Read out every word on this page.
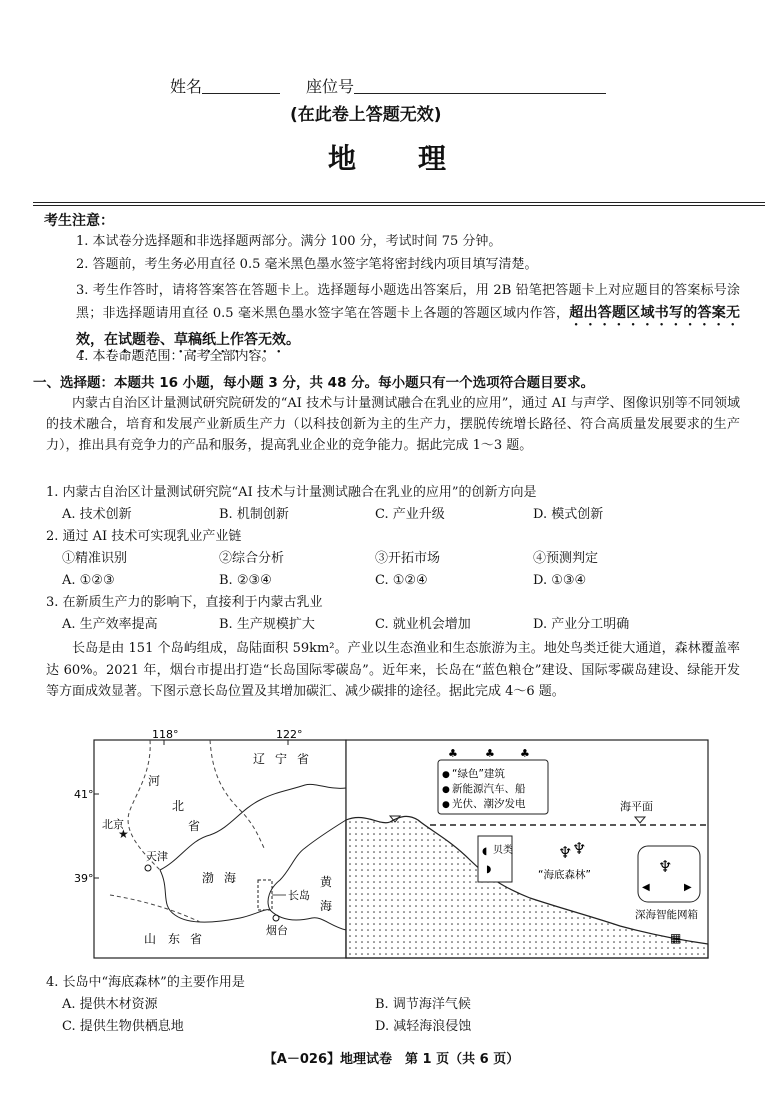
姓名	座位号
(在此卷上答题无效)
地　　理
考生注意：
1. 本试卷分选择题和非选择题两部分。满分 100 分，考试时间 75 分钟。
2. 答题前，考生务必用直径 0.5 毫米黑色墨水签字笔将密封线内项目填写清楚。
3. 考生作答时，请将答案答在答题卡上。选择题每小题选出答案后，用 2B 铅笔把答题卡上对应题目的答案标号涂黑；非选择题请用直径 0.5 毫米黑色墨水签字笔在答题卡上各题的答题区域内作答，超出答题区域书写的答案无效，在试题卷、草稿纸上作答无效。
4. 本卷命题范围：高考全部内容。
一、选择题：本题共 16 小题，每小题 3 分，共 48 分。每小题只有一个选项符合题目要求。
内蒙古自治区计量测试研究院研发的“AI 技术与计量测试融合在乳业的应用”，通过 AI 与声学、图像识别等不同领域的技术融合，培育和发展产业新质生产力（以科技创新为主的生产力，摆脱传统增长路径、符合高质量发展要求的生产力），推出具有竞争力的产品和服务，提高乳业企业的竞争能力。据此完成 1～3 题。
1. 内蒙古自治区计量测试研究院“AI 技术与计量测试融合在乳业的应用”的创新方向是
A. 技术创新	B. 机制创新	C. 产业升级	D. 模式创新
2. 通过 AI 技术可实现乳业产业链
①精准识别	②综合分析	③开拓市场	④预测判定
A. ①②③	B. ②③④	C. ①②④	D. ①③④
3. 在新质生产力的影响下，直接利于内蒙古乳业
A. 生产效率提高	B. 生产规模扩大	C. 就业机会增加	D. 产业分工明确
长岛是由 151 个岛屿组成，岛陆面积 59km²。产业以生态渔业和生态旅游为主。地处鸟类迁徙大通道，森林覆盖率达 60%。2021 年，烟台市提出打造“长岛国际零碳岛”。近年来，长岛在“蓝色粮仓”建设、国际零碳岛建设、绿能开发等方面成效显著。下图示意长岛位置及其增加碳汇、减少碳排的途径。据此完成 4～6 题。
★
118°	122°
41°
39°
辽 宁 省
河
北
省
北京
天津
渤 海
长岛
黄
海
烟台
山 东 省
海平面
♣ ♣ ♣
●
●
●
“绿色”建筑
新能源汽车、船
光伏、潮汐发电
◖
◗
贝类	♆ ♆
“海底森林”	♆
◀	▶
深海智能网箱
▦
4. 长岛中“海底森林”的主要作用是
A. 提供木材资源	B. 调节海洋气候
C. 提供生物供栖息地	D. 减轻海浪侵蚀
【A－026】地理试卷　第 1 页（共 6 页）
